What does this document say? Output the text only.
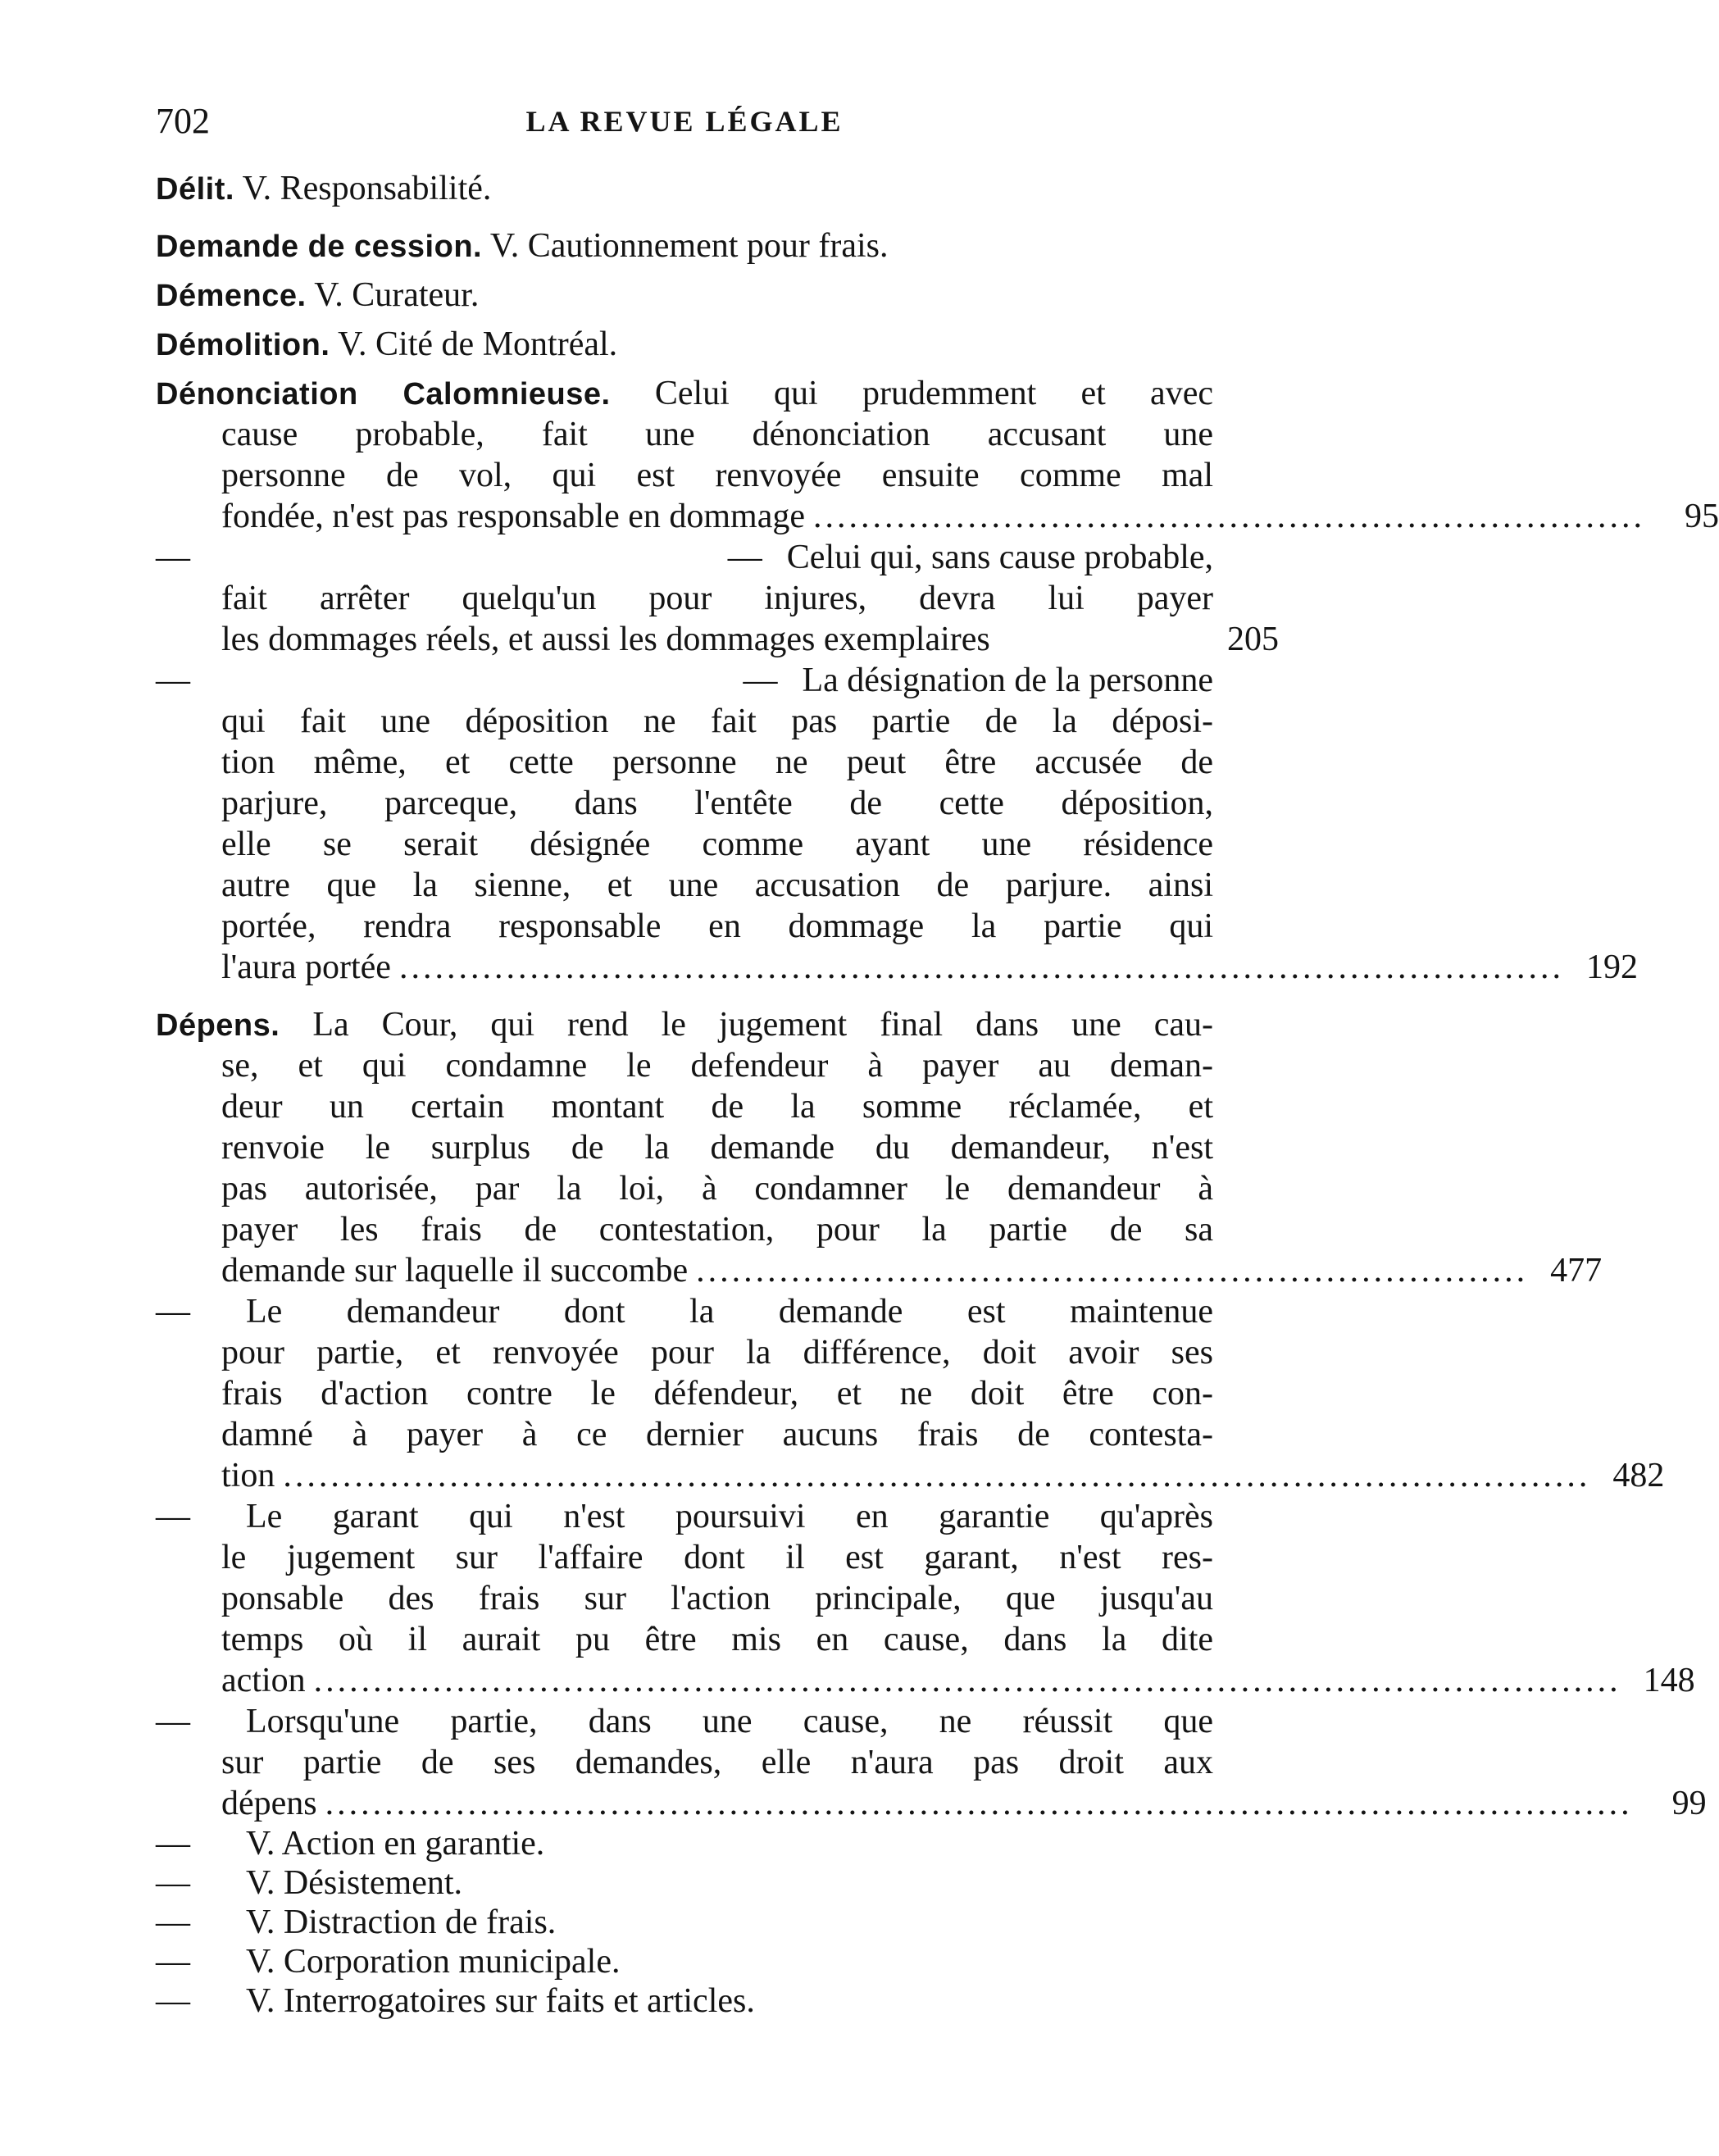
702	LA REVUE LÉGALE
Délit. V. Responsabilité.
Demande de cession. V. Cautionnement pour frais.
Démence. V. Curateur.
Démolition. V. Cité de Montréal.
Dénonciation Calomnieuse. Celui qui prudemment et avec
cause probable, fait une dénonciation accusant une
personne de vol, qui est renvoyée ensuite comme mal
fondée, n'est pas responsable en dommage ......................................................................	95
—	— Celui qui, sans cause probable,
fait arrêter quelqu'un pour injures, devra lui payer
les dommages réels, et aussi les dommages exemplaires	205
—	— La désignation de la personne
qui fait une déposition ne fait pas partie de la déposi-
tion même, et cette personne ne peut être accusée de
parjure, parceque, dans l'entête de cette déposition,
elle se serait désignée comme ayant une résidence
autre que la sienne, et une accusation de parjure. ainsi
portée, rendra responsable en dommage la partie qui
l'aura portée .................................................................................................. 192
Dépens. La Cour, qui rend le jugement final dans une cau-
se, et qui condamne le defendeur à payer au deman-
deur un certain montant de la somme réclamée, et
renvoie le surplus de la demande du demandeur, n'est
pas autorisée, par la loi, à condamner le demandeur à
payer les frais de contestation, pour la partie de sa
demande sur laquelle il succombe ...................................................................... 477
— Le demandeur dont la demande est maintenue
pour partie, et renvoyée pour la différence, doit avoir ses
frais d'action contre le défendeur, et ne doit être con-
damné à payer à ce dernier aucuns frais de contesta-
tion .............................................................................................................. 482
— Le garant qui n'est poursuivi en garantie qu'après
le jugement sur l'affaire dont il est garant, n'est res-
ponsable des frais sur l'action principale, que jusqu'au
temps où il aurait pu être mis en cause, dans la dite
action .............................................................................................................. 148
— Lorsqu'une partie, dans une cause, ne réussit que
sur partie de ses demandes, elle n'aura pas droit aux
dépens ..............................................................................................................	99
— V. Action en garantie.
— V. Désistement.
— V. Distraction de frais.
— V. Corporation municipale.
— V. Interrogatoires sur faits et articles.
